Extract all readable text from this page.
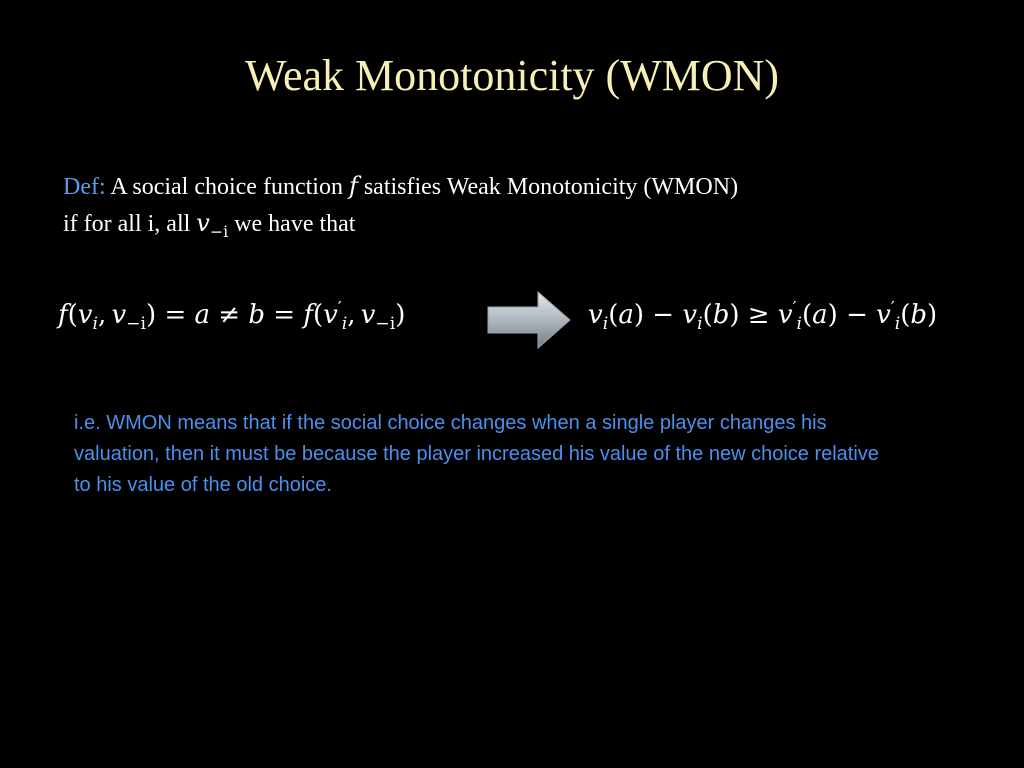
Weak Monotonicity (WMON)
Def: A social choice function f satisfies Weak Monotonicity (WMON)
if for all i, all $v_{-i}$ we have that
$f(v_i$,  $v_{-i}) = a \ne b = f(v'_i$,  $v_{-i}$)	$v_i(a) - v_i(b) \ge v'_i(a) - v'_i(b)$
i.e. WMON means that if the social choice changes when a single player changes his valuation, then it must be because the player increased his value of the new choice relative to his value of the old choice.
